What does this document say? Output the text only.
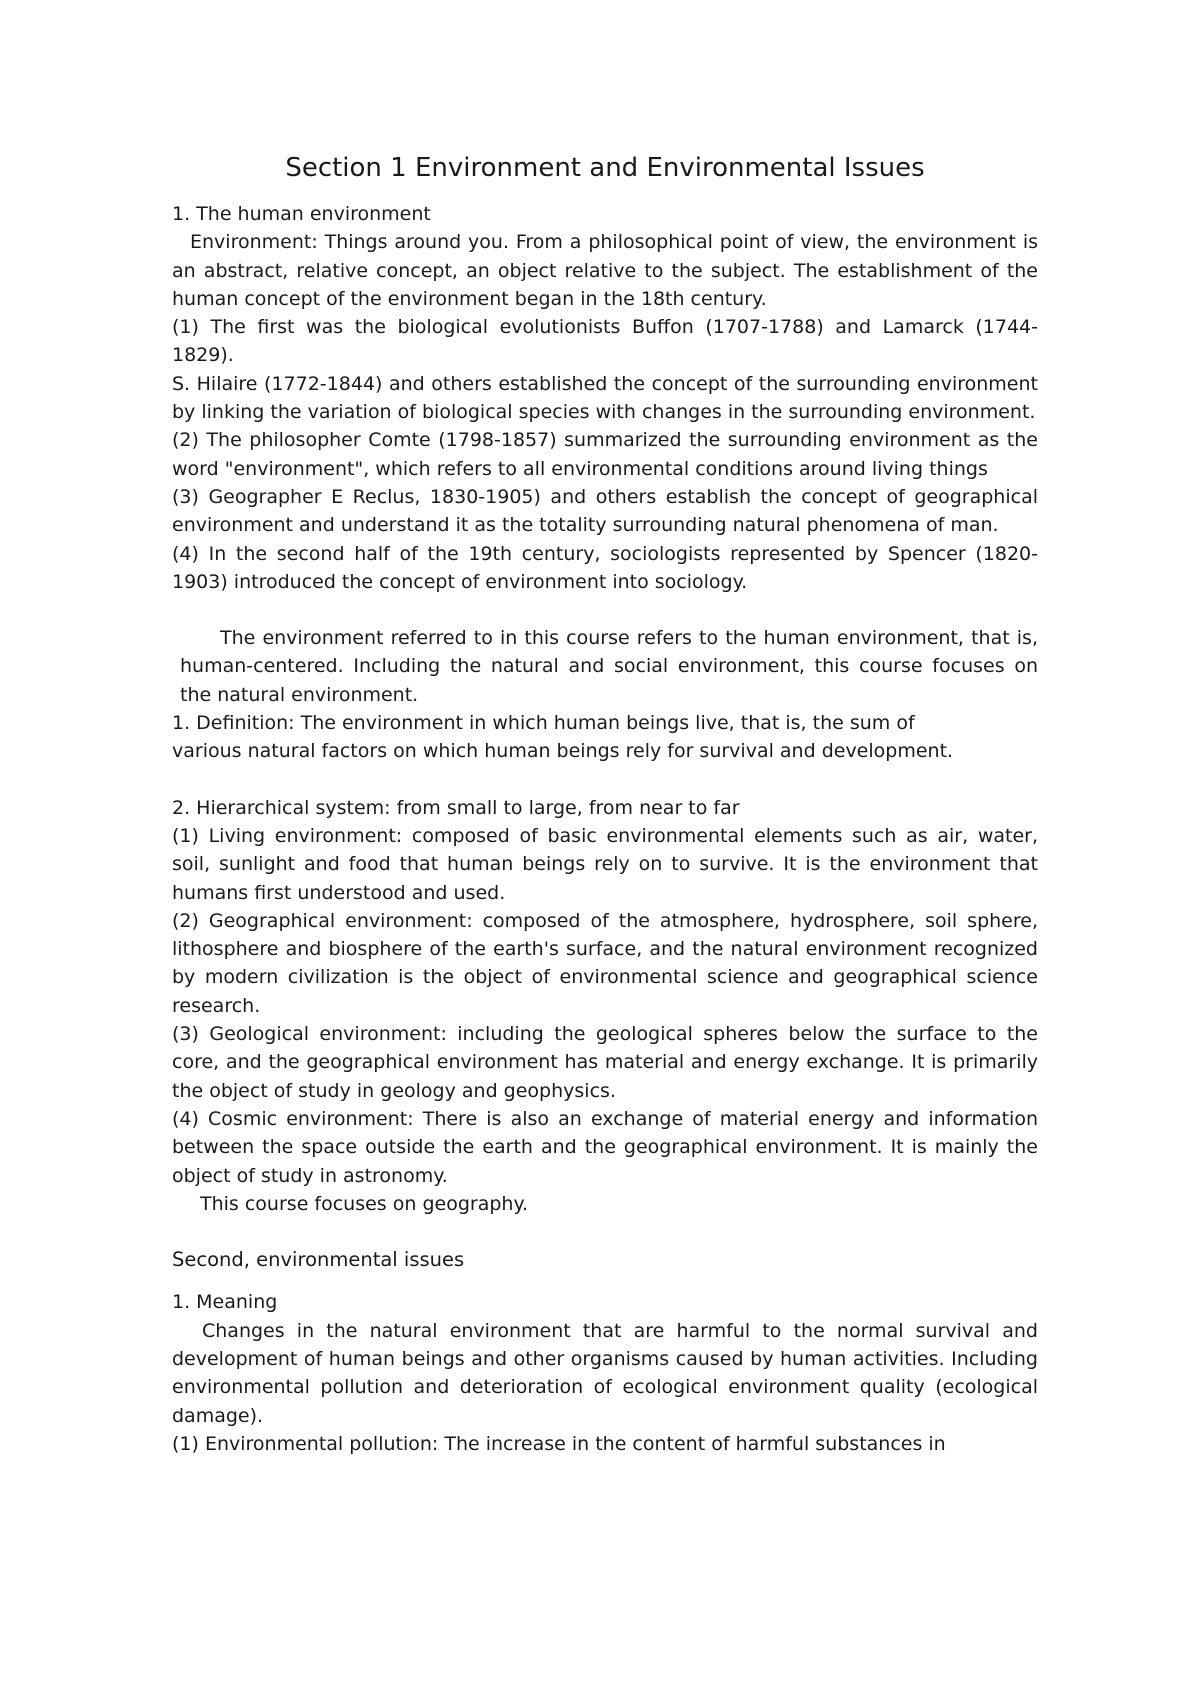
Section 1 Environment and Environmental Issues

1. The human environment

Environment: Things around you. From a philosophical point of view, the environment is an abstract, relative concept, an object relative to the subject. The establishment of the human concept of the environment began in the 18th century.

(1) The first was the biological evolutionists Buffon (1707-1788) and Lamarck (1744-1829).

S. Hilaire (1772-1844) and others established the concept of the surrounding environment by linking the variation of biological species with changes in the surrounding environment.

(2) The philosopher Comte (1798-1857) summarized the surrounding environment as the word "environment", which refers to all environmental conditions around living things

(3) Geographer E Reclus, 1830-1905) and others establish the concept of geographical environment and understand it as the totality surrounding natural phenomena of man.

(4) In the second half of the 19th century, sociologists represented by Spencer (1820-1903) introduced the concept of environment into sociology.

The environment referred to in this course refers to the human environment, that is, human-centered. Including the natural and social environment, this course focuses on the natural environment.

1. Definition: The environment in which human beings live, that is, the sum of

various natural factors on which human beings rely for survival and development.

2. Hierarchical system: from small to large, from near to far

(1) Living environment: composed of basic environmental elements such as air, water, soil, sunlight and food that human beings rely on to survive. It is the environment that humans first understood and used.

(2) Geographical environment: composed of the atmosphere, hydrosphere, soil sphere, lithosphere and biosphere of the earth's surface, and the natural environment recognized by modern civilization is the object of environmental science and geographical science research.

(3) Geological environment: including the geological spheres below the surface to the core, and the geographical environment has material and energy exchange. It is primarily the object of study in geology and geophysics.

(4) Cosmic environment: There is also an exchange of material energy and information between the space outside the earth and the geographical environment. It is mainly the object of study in astronomy.

This course focuses on geography.

Second, environmental issues

1. Meaning

Changes in the natural environment that are harmful to the normal survival and development of human beings and other organisms caused by human activities. Including environmental pollution and deterioration of ecological environment quality (ecological damage).

(1) Environmental pollution: The increase in the content of harmful substances in
